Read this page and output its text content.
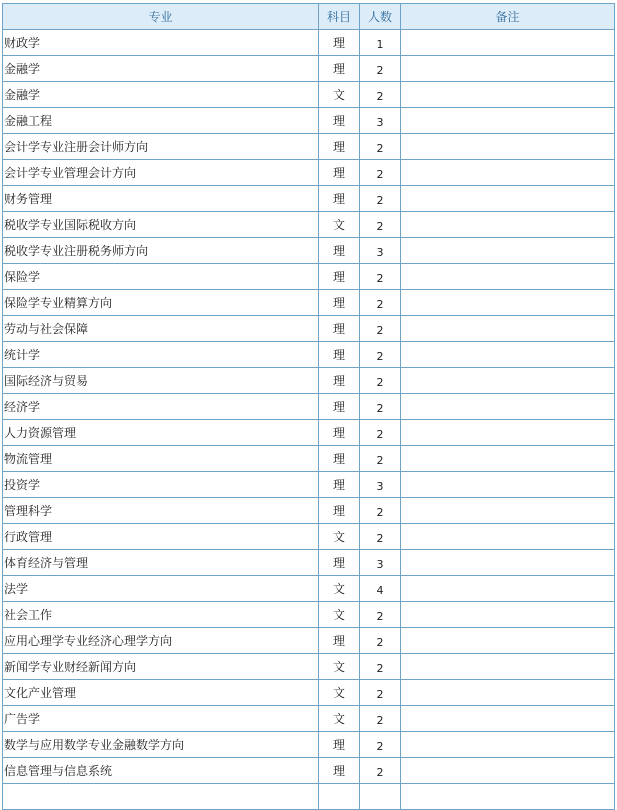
专业	科目	人数	备注
财政学	理	1	
金融学	理	2	
金融学	文	2	
金融工程	理	3	
会计学专业注册会计师方向	理	2	
会计学专业管理会计方向	理	2	
财务管理	理	2	
税收学专业国际税收方向	文	2	
税收学专业注册税务师方向	理	3	
保险学	理	2	
保险学专业精算方向	理	2	
劳动与社会保障	理	2	
统计学	理	2	
国际经济与贸易	理	2	
经济学	理	2	
人力资源管理	理	2	
物流管理	理	2	
投资学	理	3	
管理科学	理	2	
行政管理	文	2	
体育经济与管理	理	3	
法学	文	4	
社会工作	文	2	
应用心理学专业经济心理学方向	理	2	
新闻学专业财经新闻方向	文	2	
文化产业管理	文	2	
广告学	文	2	
数学与应用数学专业金融数学方向	理	2	
信息管理与信息系统	理	2	
